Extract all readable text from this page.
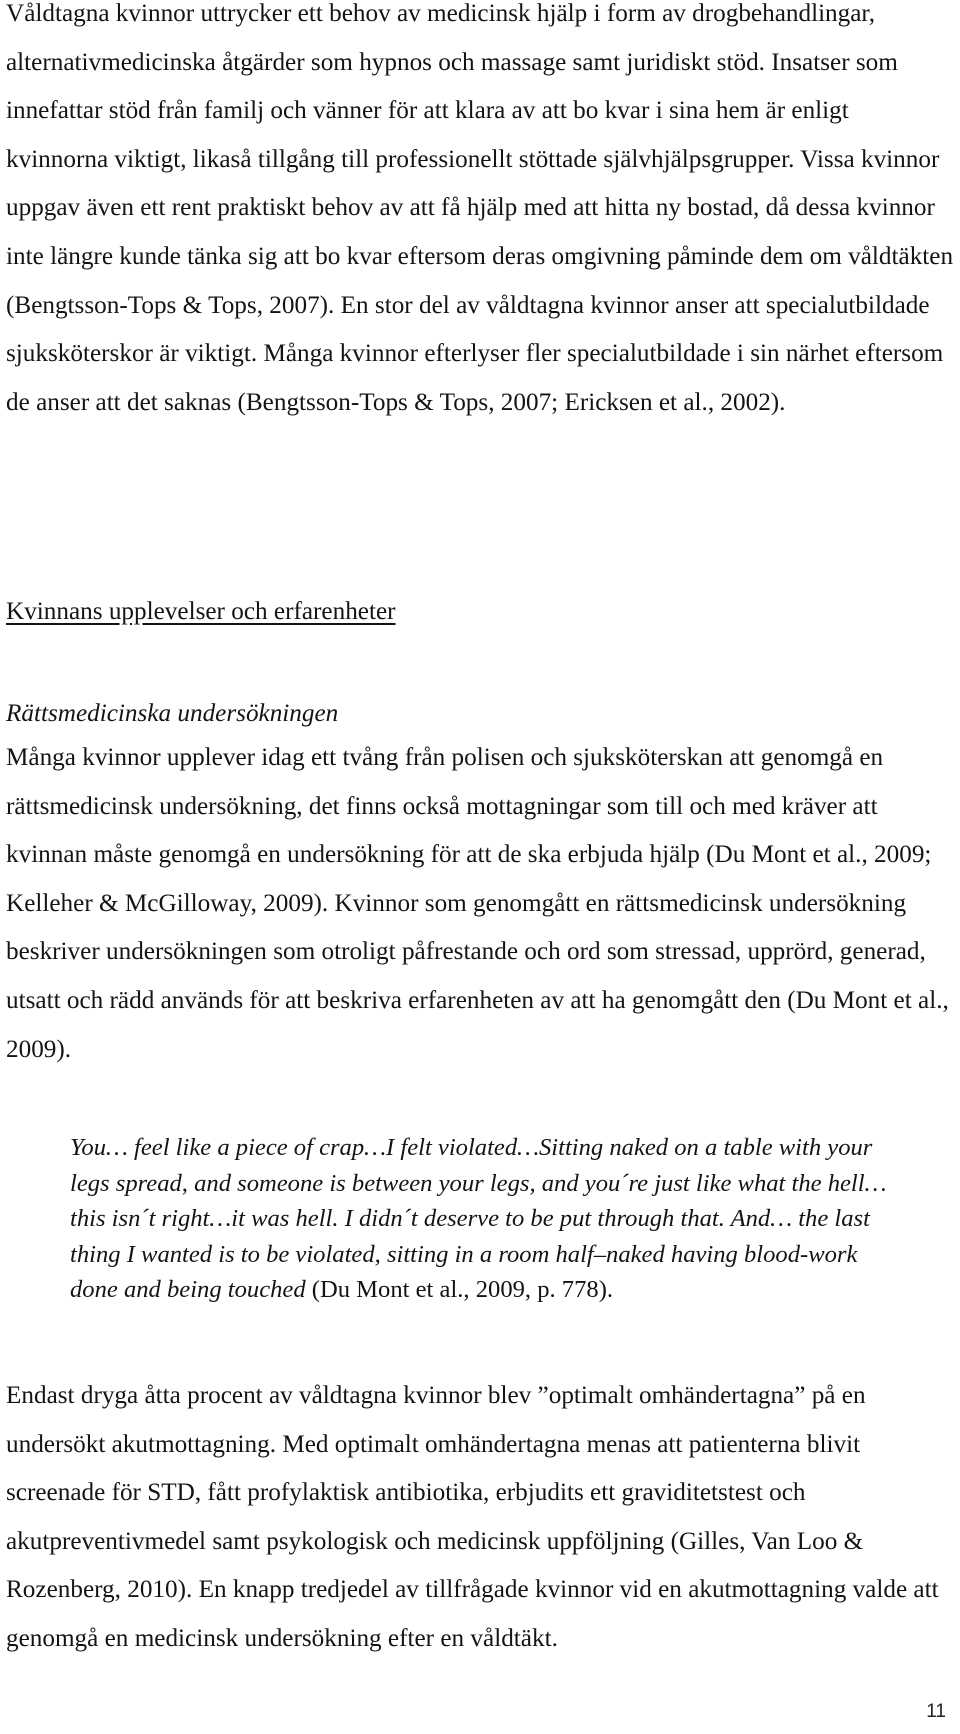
Våldtagna kvinnor uttrycker ett behov av medicinsk hjälp i form av drogbehandlingar, alternativmedicinska åtgärder som hypnos och massage samt juridiskt stöd. Insatser som innefattar stöd från familj och vänner för att klara av att bo kvar i sina hem är enligt kvinnorna viktigt, likaså tillgång till professionellt stöttade självhjälpsgrupper. Vissa kvinnor uppgav även ett rent praktiskt behov av att få hjälp med att hitta ny bostad, då dessa kvinnor inte längre kunde tänka sig att bo kvar eftersom deras omgivning påminde dem om våldtäkten (Bengtsson-Tops & Tops, 2007). En stor del av våldtagna kvinnor anser att specialutbildade sjuksköterskor är viktigt. Många kvinnor efterlyser fler specialutbildade i sin närhet eftersom de anser att det saknas (Bengtsson-Tops & Tops, 2007; Ericksen et al., 2002).

Kvinnans upplevelser och erfarenheter
Rättsmedicinska undersökningen

Många kvinnor upplever idag ett tvång från polisen och sjuksköterskan att genomgå en rättsmedicinsk undersökning, det finns också mottagningar som till och med kräver att kvinnan måste genomgå en undersökning för att de ska erbjuda hjälp (Du Mont et al., 2009; Kelleher & McGilloway, 2009). Kvinnor som genomgått en rättsmedicinsk undersökning beskriver undersökningen som otroligt påfrestande och ord som stressad, upprörd, generad, utsatt och rädd används för att beskriva erfarenheten av att ha genomgått den (Du Mont et al., 2009).

You… feel like a piece of crap…I felt violated…Sitting naked on a table with your legs spread, and someone is between your legs, and you´re just like what the hell… this isn´t right…it was hell. I didn´t deserve to be put through that. And… the last thing I wanted is to be violated, sitting in a room half–naked having blood-work done and being touched (Du Mont et al., 2009, p. 778).

Endast dryga åtta procent av våldtagna kvinnor blev ”optimalt omhändertagna” på en undersökt akutmottagning. Med optimalt omhändertagna menas att patienterna blivit screenade för STD, fått profylaktisk antibiotika, erbjudits ett graviditetstest och akutpreventivmedel samt psykologisk och medicinsk uppföljning (Gilles, Van Loo & Rozenberg, 2010). En knapp tredjedel av tillfrågade kvinnor vid en akutmottagning valde att genomgå en medicinsk undersökning efter en våldtäkt.

11
